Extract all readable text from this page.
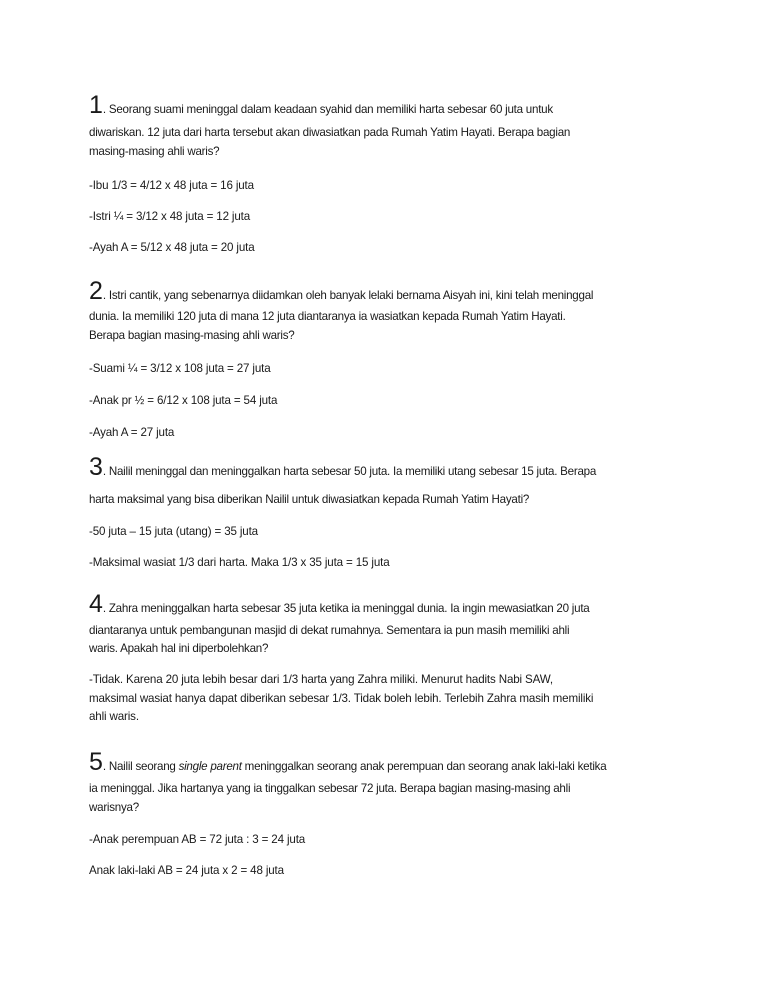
1. Seorang suami meninggal dalam keadaan syahid dan memiliki harta sebesar 60 juta untuk

diwariskan. 12 juta dari harta tersebut akan diwasiatkan pada Rumah Yatim Hayati. Berapa bagian

masing-masing ahli waris?

-Ibu 1/3 = 4/12 x 48 juta = 16 juta

-Istri ¼ = 3/12 x 48 juta = 12 juta

-Ayah A = 5/12 x 48 juta = 20 juta

2. Istri cantik, yang sebenarnya diidamkan oleh banyak lelaki bernama Aisyah ini, kini telah meninggal

dunia. Ia memiliki 120 juta di mana 12 juta diantaranya ia wasiatkan kepada Rumah Yatim Hayati.

Berapa bagian masing-masing ahli waris?

-Suami ¼ = 3/12 x 108 juta = 27 juta

-Anak pr ½ = 6/12 x 108 juta = 54 juta

-Ayah A = 27 juta

3. Nailil meninggal dan meninggalkan harta sebesar 50 juta. Ia memiliki utang sebesar 15 juta. Berapa

harta maksimal yang bisa diberikan Nailil untuk diwasiatkan kepada Rumah Yatim Hayati?

-50 juta – 15 juta (utang) = 35 juta

-Maksimal wasiat 1/3 dari harta. Maka 1/3 x 35 juta = 15 juta

4. Zahra meninggalkan harta sebesar 35 juta ketika ia meninggal dunia. Ia ingin mewasiatkan 20 juta

diantaranya untuk pembangunan masjid di dekat rumahnya. Sementara ia pun masih memiliki ahli

waris. Apakah hal ini diperbolehkan?

-Tidak. Karena 20 juta lebih besar dari 1/3 harta yang Zahra miliki. Menurut hadits Nabi SAW,
maksimal wasiat hanya dapat diberikan sebesar 1/3. Tidak boleh lebih. Terlebih Zahra masih memiliki
ahli waris.

5. Nailil seorang single parent meninggalkan seorang anak perempuan dan seorang anak laki-laki ketika

ia meninggal. Jika hartanya yang ia tinggalkan sebesar 72 juta. Berapa bagian masing-masing ahli

warisnya?

-Anak perempuan AB = 72 juta : 3 = 24 juta

Anak laki-laki AB = 24 juta x 2 = 48 juta
